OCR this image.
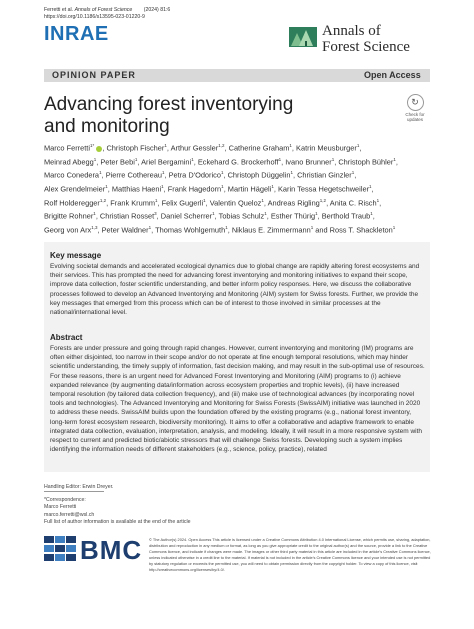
Ferretti et al. Annals of Forest Science (2024) 81:6
https://doi.org/10.1186/s13595-023-01220-9
INRAE	Annals of
Forest Science
OPINION PAPER	Open Access
Advancing forest inventorying
and monitoring
↻
Check for updates
Marco Ferretti$^{1*}$ , Christoph Fischer$^1$, Arthur Gessler$^{1,2}$, Catherine Graham$^1$, Katrin Meusburger$^1$,
Meinrad Abegg$^1$, Peter Bebi$^1$, Ariel Bergamini$^1$, Eckehard G. Brockerhoff$^1$, Ivano Brunner$^1$, Christoph Bühler$^1$,
Marco Conedera$^1$, Pierre Cothereau$^1$, Petra D'Odorico$^1$, Christoph Düggelin$^1$, Christian Ginzler$^1$,
Alex Grendelmeier$^1$, Matthias Haeni$^1$, Frank Hagedorn$^1$, Martin Hägeli$^1$, Karin Tessa Hegetschweiler$^1$,
Rolf Holderegger$^{1,2}$, Frank Krumm$^1$, Felix Gugerli$^1$, Valentin Queloz$^1$, Andreas Rigling$^{1,2}$, Anita C. Risch$^1$,
Brigitte Rohner$^1$, Christian Rosset$^3$, Daniel Scherrer$^1$, Tobias Schulz$^1$, Esther Thürig$^1$, Berthold Traub$^1$,
Georg von Arx$^{1,3}$, Peter Waldner$^1$, Thomas Wohlgemuth$^1$, Niklaus E. Zimmermann$^1$ and Ross T. Shackleton$^1$
Key message
Evolving societal demands and accelerated ecological dynamics due to global change are rapidly altering forest ecosystems and their services. This has prompted the need for advancing forest inventorying and monitoring initiatives to expand their scope, improve data collection, foster scientific understanding, and better inform policy responses. Here, we discuss the collaborative processes followed to develop an Advanced Inventorying and Monitoring (AIM) system for Swiss forests. Further, we provide the key messages that emerged from this process which can be of interest to those involved in similar processes at the national/international level.
Abstract
Forests are under pressure and going through rapid changes. However, current inventorying and monitoring (IM) programs are often either disjointed, too narrow in their scope and/or do not operate at fine enough temporal resolutions, which may hinder scientific understanding, the timely supply of information, fast decision making, and may result in the sub-optimal use of resources. For these reasons, there is an urgent need for Advanced Forest Inventorying and Monitoring (AIM) programs to (i) achieve expanded relevance (by augmenting data/information across ecosystem properties and trophic levels), (ii) have increased temporal resolution (by tailored data collection frequency), and (iii) make use of technological advances (by incorporating novel tools and technologies). The Advanced Inventorying and Monitoring for Swiss Forests (SwissAIM) initiative was launched in 2020 to address these needs. SwissAIM builds upon the foundation offered by the existing programs (e.g., national forest inventory, long-term forest ecosystem research, biodiversity monitoring). It aims to offer a collaborative and adaptive framework to enable integrated data collection, evaluation, interpretation, analysis, and modeling. Ideally, it will result in a more responsive system with respect to current and predicted biotic/abiotic stressors that will challenge Swiss forests. Developing such a system implies identifying the information needs of different stakeholders (e.g., science, policy, practice), related
Handling Editor: Erwin Dreyer.
*Correspondence:
Marco Ferretti
marco.ferretti@wsl.ch
Full list of author information is available at the end of the article
BMC © The Author(s) 2024. Open Access This article is licensed under a Creative Commons Attribution 4.0 International License, which permits use, sharing, adaptation, distribution and reproduction in any medium or format, as long as you give appropriate credit to the original author(s) and the source, provide a link to the Creative Commons licence, and indicate if changes were made. The images or other third party material in this article are included in the article's Creative Commons licence, unless indicated otherwise in a credit line to the material. If material is not included in the article's Creative Commons licence and your intended use is not permitted by statutory regulation or exceeds the permitted use, you will need to obtain permission directly from the copyright holder. To view a copy of this licence, visit http://creativecommons.org/licenses/by/4.0/.
